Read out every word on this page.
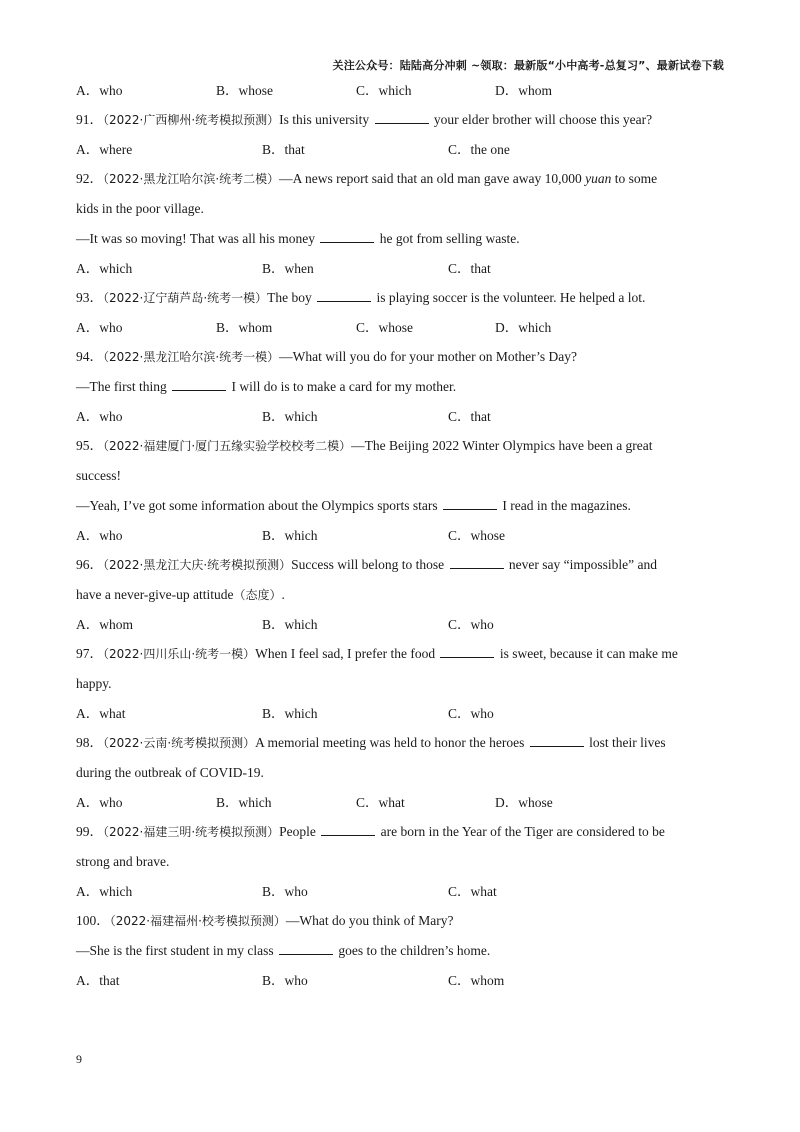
关注公众号：陆陆高分冲刺 ~领取：最新版“小中高考-总复习”、最新试卷下载
A．who	B．whose	C．which	D．whom
91．（2022·广西柳州·统考模拟预测）Is this university	your elder brother will choose this year?
A．where	B．that	C．the one
92．（2022·黑龙江哈尔滨·统考二模）—A news report said that an old man gave away 10,000 yuan to some
kids in the poor village.
—It was so moving! That was all his money	he got from selling waste.
A．which	B．when	C．that
93．（2022·辽宁葫芦岛·统考一模）The boy	is playing soccer is the volunteer. He helped a lot.
A．who	B．whom	C．whose	D．which
94．（2022·黑龙江哈尔滨·统考一模）—What will you do for your mother on Mother’s Day?
—The first thing	I will do is to make a card for my mother.
A．who	B．which	C．that
95．（2022·福建厦门·厦门五缘实验学校校考二模）—The Beijing 2022 Winter Olympics have been a great
success!
—Yeah, I’ve got some information about the Olympics sports stars	I read in the magazines.
A．who	B．which	C．whose
96．（2022·黑龙江大庆·统考模拟预测）Success will belong to those	never say “impossible” and
have a never-give-up attitude（态度）.
A．whom	B．which	C．who
97．（2022·四川乐山·统考一模）When I feel sad, I prefer the food	is sweet, because it can make me
happy.
A．what	B．which	C．who
98．（2022·云南·统考模拟预测）A memorial meeting was held to honor the heroes	lost their lives
during the outbreak of COVID-19.
A．who	B．which	C．what	D．whose
99．（2022·福建三明·统考模拟预测）People	are born in the Year of the Tiger are considered to be
strong and brave.
A．which	B．who	C．what
100．（2022·福建福州·校考模拟预测）—What do you think of Mary?
—She is the first student in my class	goes to the children’s home.
A．that	B．who	C．whom
9
